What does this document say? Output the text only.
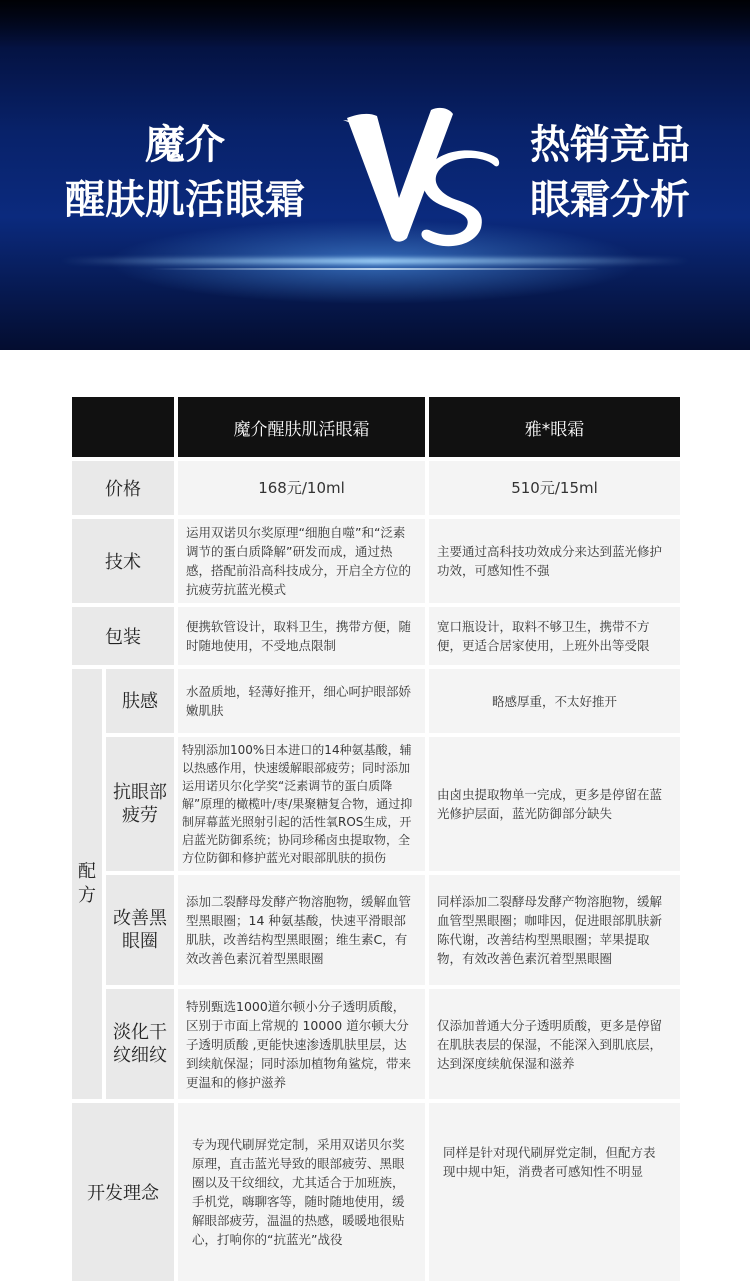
魔介
醒肤肌活眼霜
热销竞品
眼霜分析
		魔介醒肤肌活眼霜	雅*眼霜
价格		168元/10ml	510元/15ml
技术		运用双诺贝尔奖原理“细胞自噬”和“泛素调节的蛋白质降解”研发而成，通过热感，搭配前沿高科技成分，开启全方位的抗疲劳抗蓝光模式	主要通过高科技功效成分来达到蓝光修护功效，可感知性不强
包装		便携软管设计，取料卫生，携带方便，随时随地使用，不受地点限制	宽口瓶设计，取料不够卫生，携带不方便，更适合居家使用，上班外出等受限
配方	肤感	水盈质地，轻薄好推开，细心呵护眼部娇嫩肌肤	略感厚重，不太好推开
	抗眼部疲劳	特别添加100%日本进口的14种氨基酸，辅以热感作用，快速缓解眼部疲劳；同时添加运用诺贝尔化学奖“泛素调节的蛋白质降解”原理的橄榄叶/枣/果聚糖复合物，通过抑制屏幕蓝光照射引起的活性氧ROS生成，开启蓝光防御系统；协同珍稀卤虫提取物，全方位防御和修护蓝光对眼部肌肤的损伤	由卤虫提取物单一完成，更多是停留在蓝光修护层面，蓝光防御部分缺失
	改善黑眼圈	添加二裂酵母发酵产物溶胞物，缓解血管型黑眼圈；14 种氨基酸，快速平滑眼部肌肤，改善结构型黑眼圈；维生素C，有效改善色素沉着型黑眼圈	同样添加二裂酵母发酵产物溶胞物，缓解血管型黑眼圈；咖啡因，促进眼部肌肤新陈代谢，改善结构型黑眼圈；苹果提取物，有效改善色素沉着型黑眼圈
	淡化干纹细纹	特别甄选1000道尔顿小分子透明质酸，区别于市面上常规的 10000 道尔顿大分子透明质酸 ,更能快速渗透肌肤里层，达到续航保湿；同时添加植物角鲨烷，带来更温和的修护滋养	仅添加普通大分子透明质酸，更多是停留在肌肤表层的保湿，不能深入到肌底层，达到深度续航保湿和滋养
开发理念		专为现代刷屏党定制，采用双诺贝尔奖原理，直击蓝光导致的眼部疲劳、黑眼圈以及干纹细纹，尤其适合于加班族，手机党，嗨聊客等，随时随地使用，缓解眼部疲劳，温温的热感，暖暖地很贴心，打响你的“抗蓝光”战役	同样是针对现代刷屏党定制，但配方表现中规中矩，消费者可感知性不明显
